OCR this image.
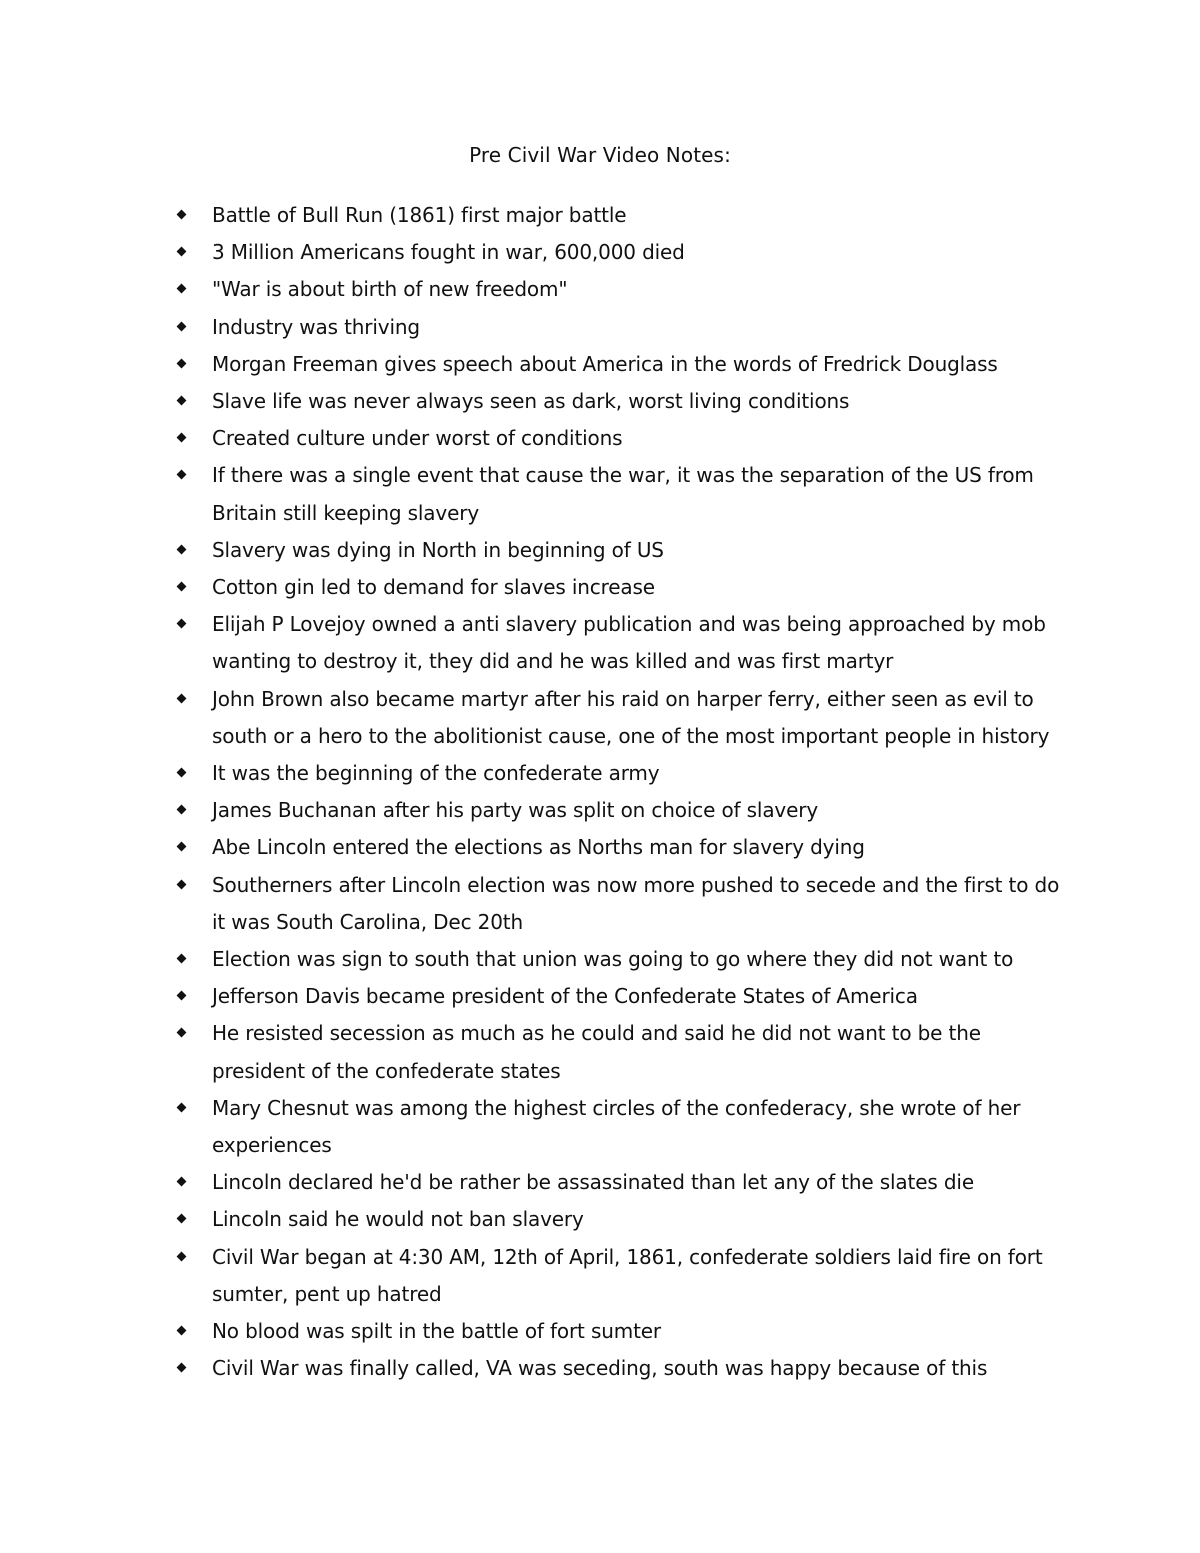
Pre Civil War Video Notes:
Battle of Bull Run (1861) first major battle
3 Million Americans fought in war, 600,000 died
"War is about birth of new freedom"
Industry was thriving
Morgan Freeman gives speech about America in the words of Fredrick Douglass
Slave life was never always seen as dark, worst living conditions
Created culture under worst of conditions
If there was a single event that cause the war, it was the separation of the US from Britain still keeping slavery
Slavery was dying in North in beginning of US
Cotton gin led to demand for slaves increase
Elijah P Lovejoy owned a anti slavery publication and was being approached by mob wanting to destroy it, they did and he was killed and was first martyr
John Brown also became martyr after his raid on harper ferry, either seen as evil to south or a hero to the abolitionist cause, one of the most important people in history
It was the beginning of the confederate army
James Buchanan after his party was split on choice of slavery
Abe Lincoln entered the elections as Norths man for slavery dying
Southerners after Lincoln election was now more pushed to secede and the first to do it was South Carolina, Dec 20th
Election was sign to south that union was going to go where they did not want to
Jefferson Davis became president of the Confederate States of America
He resisted secession as much as he could and said he did not want to be the president of the confederate states
Mary Chesnut was among the highest circles of the confederacy, she wrote of her experiences
Lincoln declared he'd be rather be assassinated than let any of the slates die
Lincoln said he would not ban slavery
Civil War began at 4:30 AM, 12th of April, 1861, confederate soldiers laid fire on fort sumter, pent up hatred
No blood was spilt in the battle of fort sumter
Civil War was finally called, VA was seceding, south was happy because of this
